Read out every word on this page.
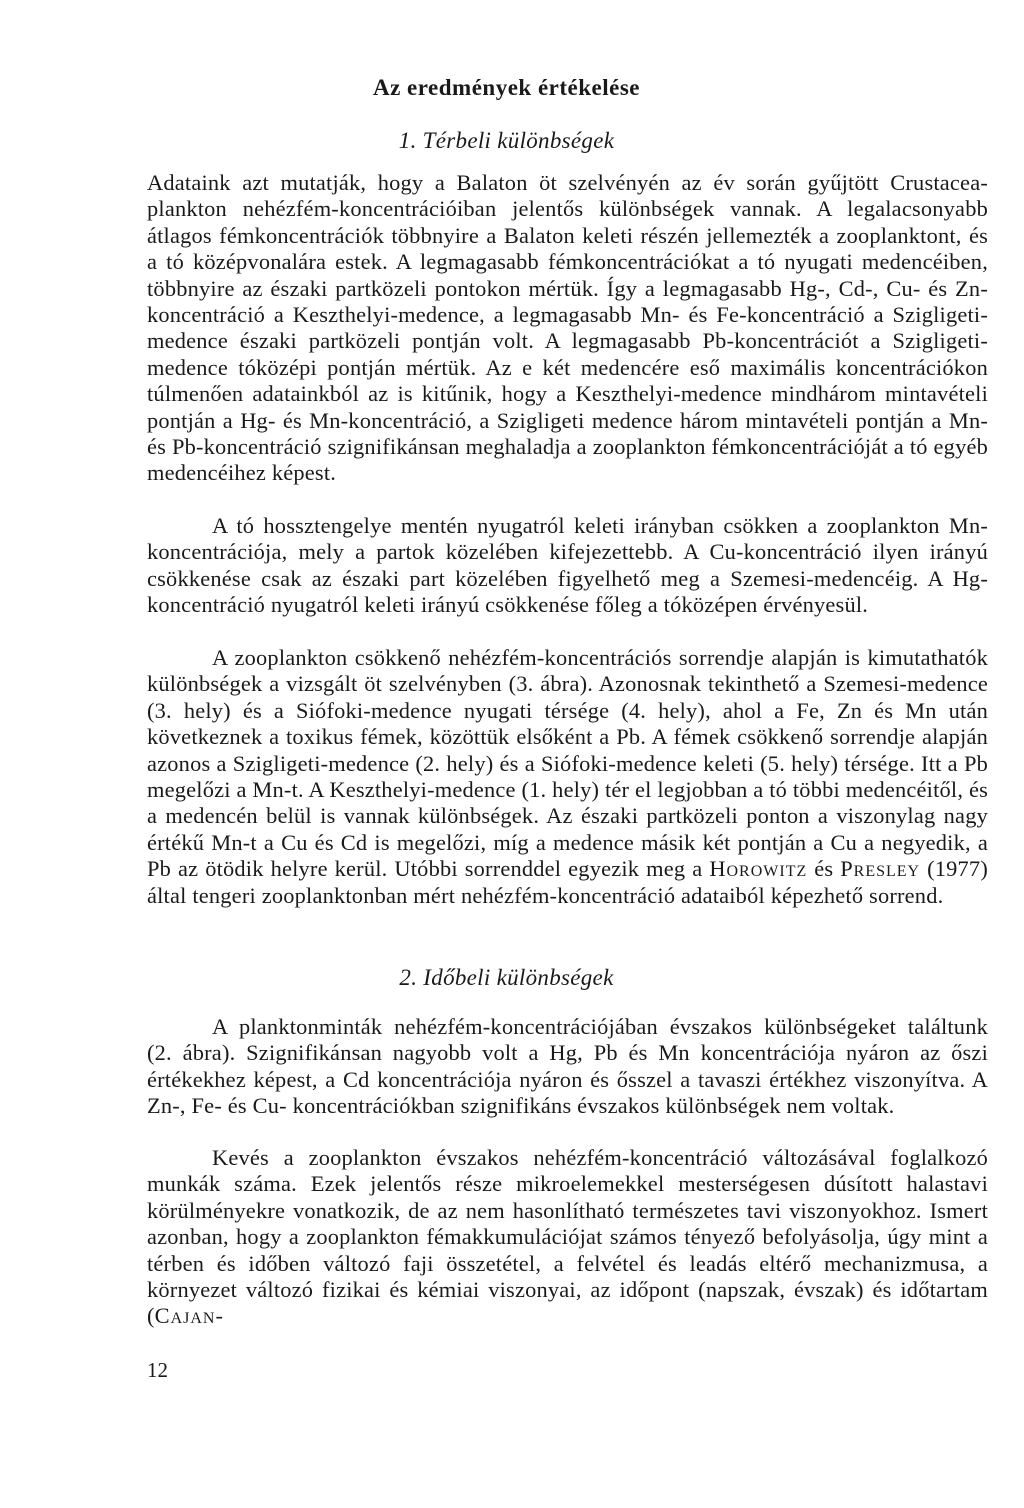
Az eredmények értékelése
1. Térbeli különbségek

Adataink azt mutatják, hogy a Balaton öt szelvényén az év során gyűjtött Crustacea-plankton nehézfém-koncentrációiban jelentős különbségek vannak. A legalacsonyabb átlagos fémkoncentrációk többnyire a Balaton keleti részén jellemezték a zooplanktont, és a tó középvonalára estek. A legmagasabb fémkoncentrációkat a tó nyugati medencéiben, többnyire az északi partközeli pontokon mértük. Így a legmagasabb Hg-, Cd-, Cu- és Zn-koncentráció a Keszthelyi-medence, a legmagasabb Mn- és Fe-koncentráció a Szigligeti-medence északi partközeli pontján volt. A legmagasabb Pb-koncentrációt a Szigligeti-medence tóközépi pontján mértük. Az e két medencére eső maximális koncentrációkon túlmenően adatainkból az is kitűnik, hogy a Keszthelyi-medence mindhárom mintavételi pontján a Hg- és Mn-koncentráció, a Szigligeti medence három mintavételi pontján a Mn- és Pb-koncentráció szignifikánsan meghaladja a zooplankton fémkoncentrációját a tó egyéb medencéihez képest.

A tó hossztengelye mentén nyugatról keleti irányban csökken a zooplankton Mn-koncentrációja, mely a partok közelében kifejezettebb. A Cu-koncentráció ilyen irányú csökkenése csak az északi part közelében figyelhető meg a Szemesi-medencéig. A Hg-koncentráció nyugatról keleti irányú csökkenése főleg a tóközépen érvényesül.

A zooplankton csökkenő nehézfém-koncentrációs sorrendje alapján is kimutathatók különbségek a vizsgált öt szelvényben (3. ábra). Azonosnak tekinthető a Szemesi-medence (3. hely) és a Siófoki-medence nyugati térsége (4. hely), ahol a Fe, Zn és Mn után következnek a toxikus fémek, közöttük elsőként a Pb. A fémek csökkenő sorrendje alapján azonos a Szigligeti-medence (2. hely) és a Siófoki-medence keleti (5. hely) térsége. Itt a Pb megelőzi a Mn-t. A Keszthelyi-medence (1. hely) tér el legjobban a tó többi medencéitől, és a medencén belül is vannak különbségek. Az északi partközeli ponton a viszonylag nagy értékű Mn-t a Cu és Cd is megelőzi, míg a medence másik két pontján a Cu a negyedik, a Pb az ötödik helyre kerül. Utóbbi sorrenddel egyezik meg a Horowitz és Presley (1977) által tengeri zooplanktonban mért nehézfém-koncentráció adataiból képezhető sorrend.

2. Időbeli különbségek

A planktonminták nehézfém-koncentrációjában évszakos különbségeket találtunk (2. ábra). Szignifikánsan nagyobb volt a Hg, Pb és Mn koncentrációja nyáron az őszi értékekhez képest, a Cd koncentrációja nyáron és ősszel a tavaszi értékhez viszonyítva. A Zn-, Fe- és Cu- koncentrációkban szignifikáns évszakos különbségek nem voltak.

Kevés a zooplankton évszakos nehézfém-koncentráció változásával foglalkozó munkák száma. Ezek jelentős része mikroelemekkel mesterségesen dúsított halastavi körülményekre vonatkozik, de az nem hasonlítható természetes tavi viszonyokhoz. Ismert azonban, hogy a zooplankton fémakkumulációjat számos tényező befolyásolja, úgy mint a térben és időben változó faji összetétel, a felvétel és leadás eltérő mechanizmusa, a környezet változó fizikai és kémiai viszonyai, az időpont (napszak, évszak) és időtartam (Cajan-

12
